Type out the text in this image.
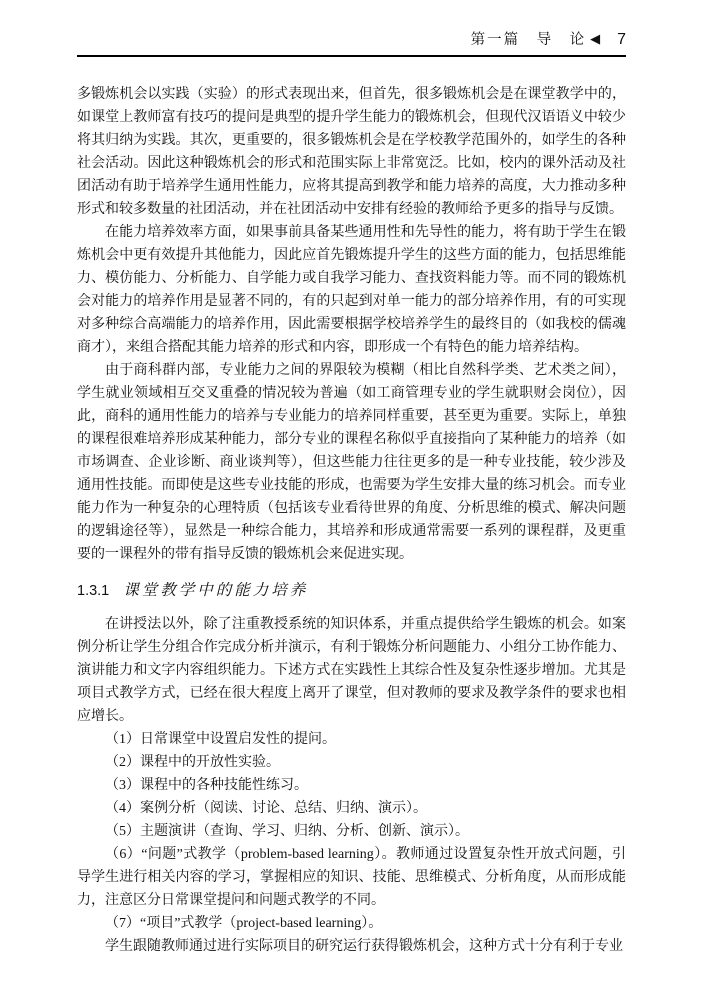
第一篇　导　论 ◀ 7

多锻炼机会以实践（实验）的形式表现出来，但首先，很多锻炼机会是在课堂教学中的，如课堂上教师富有技巧的提问是典型的提升学生能力的锻炼机会，但现代汉语语义中较少将其归纳为实践。其次，更重要的，很多锻炼机会是在学校教学范围外的，如学生的各种社会活动。因此这种锻炼机会的形式和范围实际上非常宽泛。比如，校内的课外活动及社团活动有助于培养学生通用性能力，应将其提高到教学和能力培养的高度，大力推动多种形式和较多数量的社团活动，并在社团活动中安排有经验的教师给予更多的指导与反馈。

在能力培养效率方面，如果事前具备某些通用性和先导性的能力，将有助于学生在锻炼机会中更有效提升其他能力，因此应首先锻炼提升学生的这些方面的能力，包括思维能力、模仿能力、分析能力、自学能力或自我学习能力、查找资料能力等。而不同的锻炼机会对能力的培养作用是显著不同的，有的只起到对单一能力的部分培养作用，有的可实现对多种综合高端能力的培养作用，因此需要根据学校培养学生的最终目的（如我校的儒魂商才），来组合搭配其能力培养的形式和内容，即形成一个有特色的能力培养结构。

由于商科群内部，专业能力之间的界限较为模糊（相比自然科学类、艺术类之间），学生就业领域相互交叉重叠的情况较为普遍（如工商管理专业的学生就职财会岗位），因此，商科的通用性能力的培养与专业能力的培养同样重要，甚至更为重要。实际上，单独的课程很难培养形成某种能力，部分专业的课程名称似乎直接指向了某种能力的培养（如市场调查、企业诊断、商业谈判等），但这些能力往往更多的是一种专业技能，较少涉及通用性技能。而即使是这些专业技能的形成，也需要为学生安排大量的练习机会。而专业能力作为一种复杂的心理特质（包括该专业看待世界的角度、分析思维的模式、解决问题的逻辑途径等），显然是一种综合能力，其培养和形成通常需要一系列的课程群，及更重要的一课程外的带有指导反馈的锻炼机会来促进实现。

1.3.1 课堂教学中的能力培养

在讲授法以外，除了注重教授系统的知识体系，并重点提供给学生锻炼的机会。如案例分析让学生分组合作完成分析并演示，有利于锻炼分析问题能力、小组分工协作能力、演讲能力和文字内容组织能力。下述方式在实践性上其综合性及复杂性逐步增加。尤其是项目式教学方式，已经在很大程度上离开了课堂，但对教师的要求及教学条件的要求也相应增长。

（1）日常课堂中设置启发性的提问。

（2）课程中的开放性实验。

（3）课程中的各种技能性练习。

（4）案例分析（阅读、讨论、总结、归纳、演示）。

（5）主题演讲（查询、学习、归纳、分析、创新、演示）。

（6）“问题”式教学（problem-based learning）。教师通过设置复杂性开放式问题，引导学生进行相关内容的学习，掌握相应的知识、技能、思维模式、分析角度，从而形成能力，注意区分日常课堂提问和问题式教学的不同。

（7）“项目”式教学（project-based learning）。

学生跟随教师通过进行实际项目的研究运行获得锻炼机会，这种方式十分有利于专业
